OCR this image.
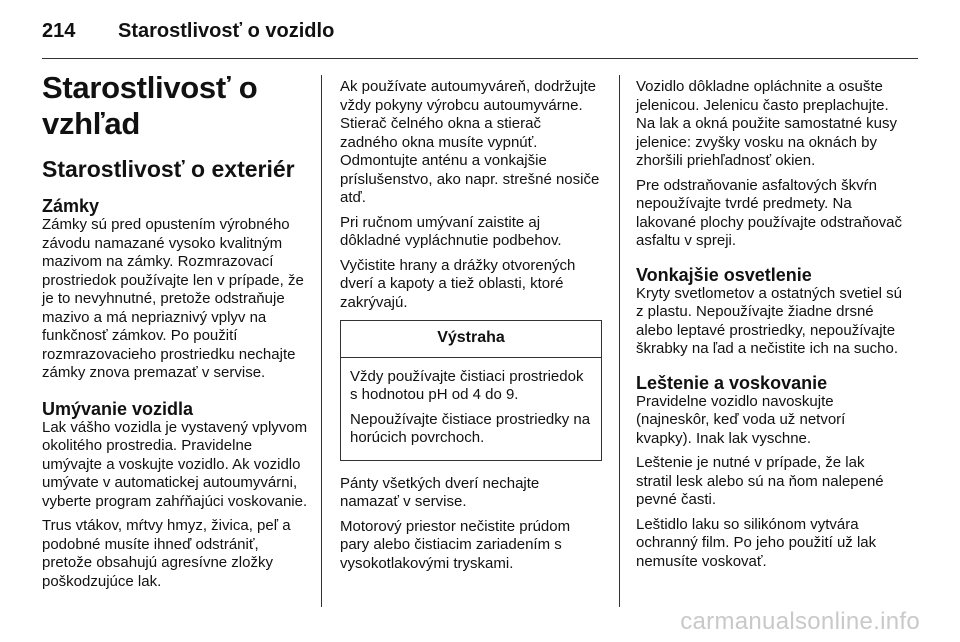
214	Starostlivosť o vozidlo
Starostlivosť o vzhľad
Starostlivosť o exteriér
Zámky

Zámky sú pred opustením výrobného závodu namazané vysoko kvalitným mazivom na zámky. Rozmrazovací prostriedok používajte len v prípade, že je to nevyhnutné, pretože odstraňuje mazivo a má nepriaznivý vplyv na funkčnosť zámkov. Po použití rozmrazovacieho prostriedku nechajte zámky znova premazať v servise.

Umývanie vozidla

Lak vášho vozidla je vystavený vplyvom okolitého prostredia. Pravidelne umývajte a voskujte vozidlo. Ak vozidlo umývate v automatickej autoumyvárni, vyberte program zahŕňajúci voskovanie.

Trus vtákov, mŕtvy hmyz, živica, peľ a podobné musíte ihneď odstrániť, pretože obsahujú agresívne zložky poškodzujúce lak.

Ak používate autoumyváreň, dodržujte vždy pokyny výrobcu autoumyvárne. Stierač čelného okna a stierač zadného okna musíte vypnúť. Odmontujte anténu a vonkajšie príslušenstvo, ako napr. strešné nosiče atď.

Pri ručnom umývaní zaistite aj dôkladné vypláchnutie podbehov.

Vyčistite hrany a drážky otvorených dverí a kapoty a tiež oblasti, ktoré zakrývajú.

Výstraha

Vždy používajte čistiaci prostriedok s hodnotou pH od 4 do 9.

Nepoužívajte čistiace prostriedky na horúcich povrchoch.

Pánty všetkých dverí nechajte namazať v servise.

Motorový priestor nečistite prúdom pary alebo čistiacim zariadením s vysokotlakovými tryskami.

Vozidlo dôkladne opláchnite a osušte jelenicou. Jelenicu často preplachujte. Na lak a okná použite samostatné kusy jelenice: zvyšky vosku na oknách by zhoršili priehľadnosť okien.

Pre odstraňovanie asfaltových škvŕn nepoužívajte tvrdé predmety. Na lakované plochy používajte odstraňovač asfaltu v spreji.

Vonkajšie osvetlenie

Kryty svetlometov a ostatných svetiel sú z plastu. Nepoužívajte žiadne drsné alebo leptavé prostriedky, nepoužívajte škrabky na ľad a nečistite ich na sucho.

Leštenie a voskovanie

Pravidelne vozidlo navoskujte (najneskôr, keď voda už netvorí kvapky). Inak lak vyschne.

Leštenie je nutné v prípade, že lak stratil lesk alebo sú na ňom nalepené pevné časti.

Leštidlo laku so silikónom vytvára ochranný film. Po jeho použití už lak nemusíte voskovať.

carmanualsonline.info
